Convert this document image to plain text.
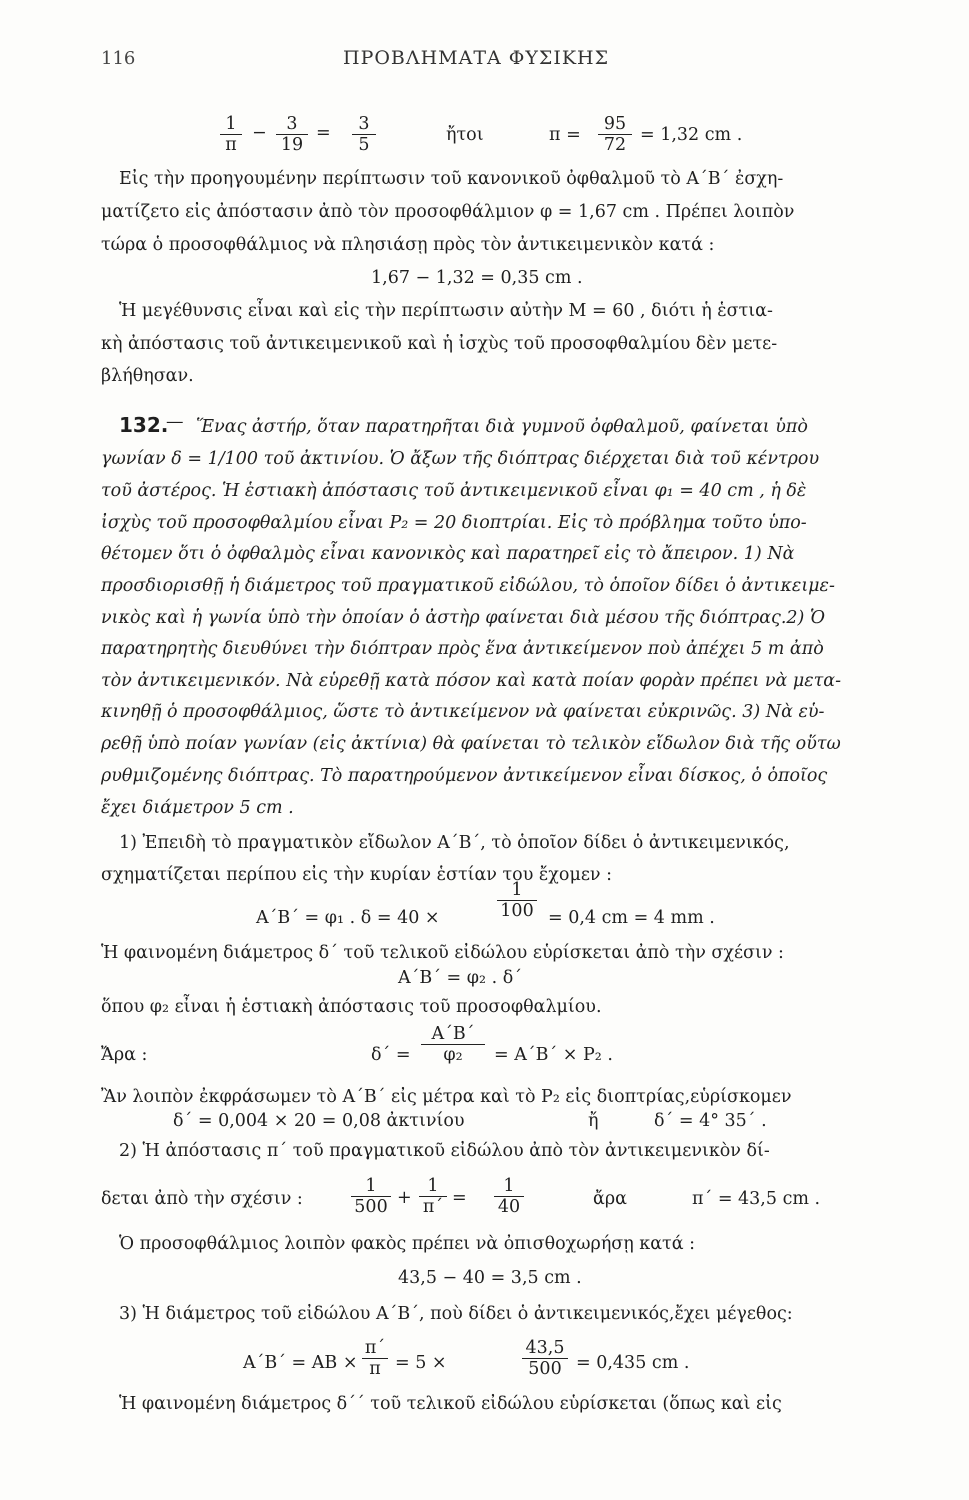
116	ΠΡΟΒΛΗΜΑΤΑ ΦΥΣΙΚΗΣ
$\frac{1}{\pi} - \frac{3}{19} = \frac{3}{5}$	ἤτοι	$\pi = \frac{95}{72} = 1,32$ cm .
Εἰς τὴν προηγουμένην περίπτωσιν τοῦ κανονικοῦ ὀφθαλμοῦ τὸ Α΄Β΄ ἐσχη-
ματίζετο εἰς ἀπόστασιν ἀπὸ τὸν προσοφθάλμιον φ = 1,67 cm . Πρέπει λοιπὸν
τώρα ὁ προσοφθάλμιος νὰ πλησιάσῃ πρὸς τὸν ἀντικειμενικὸν κατά :
1,67 − 1,32 = 0,35 cm .
Ἡ μεγέθυνσις εἶναι καὶ εἰς τὴν περίπτωσιν αὐτὴν Μ = 60 , διότι ἡ ἑστια-
κὴ ἀπόστασις τοῦ ἀντικειμενικοῦ καὶ ἡ ἰσχὺς τοῦ προσοφθαλμίου δὲν μετε-
βλήθησαν.
132.
— Ἕνας ἀστήρ, ὅταν παρατηρῆται διὰ γυμνοῦ ὀφθαλμοῦ, φαίνεται ὑπὸ
γωνίαν δ = 1/100 τοῦ ἀκτινίου. Ὁ ἄξων τῆς διόπτρας διέρχεται διὰ τοῦ κέντρου
τοῦ ἀστέρος. Ἡ ἑστιακὴ ἀπόστασις τοῦ ἀντικειμενικοῦ εἶναι φ₁ = 40 cm , ἡ δὲ
ἰσχὺς τοῦ προσοφθαλμίου εἶναι Ρ₂ = 20 διοπτρίαι. Εἰς τὸ πρόβλημα τοῦτο ὑπο-
θέτομεν ὅτι ὁ ὀφθαλμὸς εἶναι κανονικὸς καὶ παρατηρεῖ εἰς τὸ ἄπειρον. 1) Νὰ
προσδιορισθῇ ἡ διάμετρος τοῦ πραγματικοῦ εἰδώλου, τὸ ὁποῖον δίδει ὁ ἀντικειμε-
νικὸς καὶ ἡ γωνία ὑπὸ τὴν ὁποίαν ὁ ἀστὴρ φαίνεται διὰ μέσου τῆς διόπτρας.2) Ὁ
παρατηρητὴς διευθύνει τὴν διόπτραν πρὸς ἕνα ἀντικείμενον ποὺ ἀπέχει 5 m ἀπὸ
τὸν ἀντικειμενικόν. Νὰ εὑρεθῇ κατὰ πόσον καὶ κατὰ ποίαν φορὰν πρέπει νὰ μετα-
κινηθῇ ὁ προσοφθάλμιος, ὥστε τὸ ἀντικείμενον νὰ φαίνεται εὐκρινῶς. 3) Νὰ εὑ-
ρεθῇ ὑπὸ ποίαν γωνίαν (εἰς ἀκτίνια) θὰ φαίνεται τὸ τελικὸν εἴδωλον διὰ τῆς οὕτω
ρυθμιζομένης διόπτρας. Τὸ παρατηρούμενον ἀντικείμενον εἶναι δίσκος, ὁ ὁποῖος
ἔχει διάμετρον 5 cm .
1) Ἐπειδὴ τὸ πραγματικὸν εἴδωλον Α΄Β΄, τὸ ὁποῖον δίδει ὁ ἀντικειμενικός,
σχηματίζεται περίπου εἰς τὴν κυρίαν ἑστίαν του ἔχομεν :
Α΄Β΄ = φ₁ . δ = 40 ×	$\frac{1}{100} = 0,4$ cm = 4 mm .
Ἡ φαινομένη διάμετρος δ΄ τοῦ τελικοῦ εἰδώλου εὑρίσκεται ἀπὸ τὴν σχέσιν :
Α΄Β΄ = φ₂ . δ΄
ὅπου φ₂ εἶναι ἡ ἑστιακὴ ἀπόστασις τοῦ προσοφθαλμίου.
Ἄρα :	$\delta΄ = \frac{A΄B΄}{\text{φ₂}} = A΄B΄ \times P_2$ .
Ἂν λοιπὸν ἐκφράσωμεν τὸ Α΄Β΄ εἰς μέτρα καὶ τὸ Ρ₂ εἰς διοπτρίας,εὑρίσκομεν
δ΄ = 0,004 × 20 = 0,08 ἀκτινίου	ἤ	δ΄ = 4° 35΄ .
2) Ἡ ἀπόστασις π΄ τοῦ πραγματικοῦ εἰδώλου ἀπὸ τὸν ἀντικειμενικὸν δί-
δεται ἀπὸ τὴν σχέσιν :	$\frac{1}{500} + \frac{1}{\pi΄} = \frac{1}{40}$	ἄρα	π΄ = 43,5 cm .
Ὁ προσοφθάλμιος λοιπὸν φακὸς πρέπει νὰ ὀπισθοχωρήσῃ κατά :
43,5 − 40 = 3,5 cm .
3) Ἡ διάμετρος τοῦ εἰδώλου Α΄Β΄, ποὺ δίδει ὁ ἀντικειμενικός,ἔχει μέγεθος:
$A΄B΄ = AB \times \frac{\pi΄}{\pi} = 5$ ×	$\frac{43,5}{500} = 0,435$ cm .
Ἡ φαινομένη διάμετρος δ΄΄ τοῦ τελικοῦ εἰδώλου εὑρίσκεται (ὅπως καὶ εἰς
